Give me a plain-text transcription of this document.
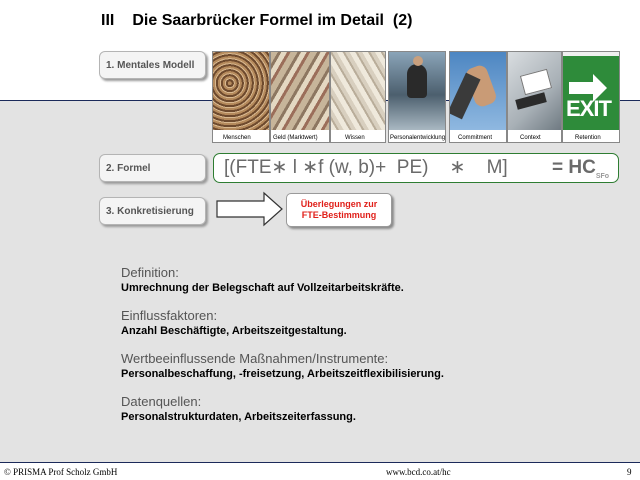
III Die Saarbrücker Formel im Detail (2)
1. Mentales Modell
2. Formel
3. Konkretisierung
Menschen	Geld (Marktwert)	Wissen	Personalentwicklung Commitment	Context
EXIT
Retention
[(FTE∗ l ∗f (w, b)+  PE)    ∗    $M] = HC_{SFo}$
Überlegungen zur
FTE-Bestimmung
Definition:
Umrechnung der Belegschaft auf Vollzeitarbeitskräfte.
Einflussfaktoren:
Anzahl Beschäftigte, Arbeitszeitgestaltung.
Wertbeeinflussende Maßnahmen/Instrumente:
Personalbeschaffung, -freisetzung, Arbeitszeitflexibilisierung.
Datenquellen:
Personalstrukturdaten, Arbeitszeiterfassung.
© PRISMA Prof Scholz GmbH	www.bcd.co.at/hc	9
